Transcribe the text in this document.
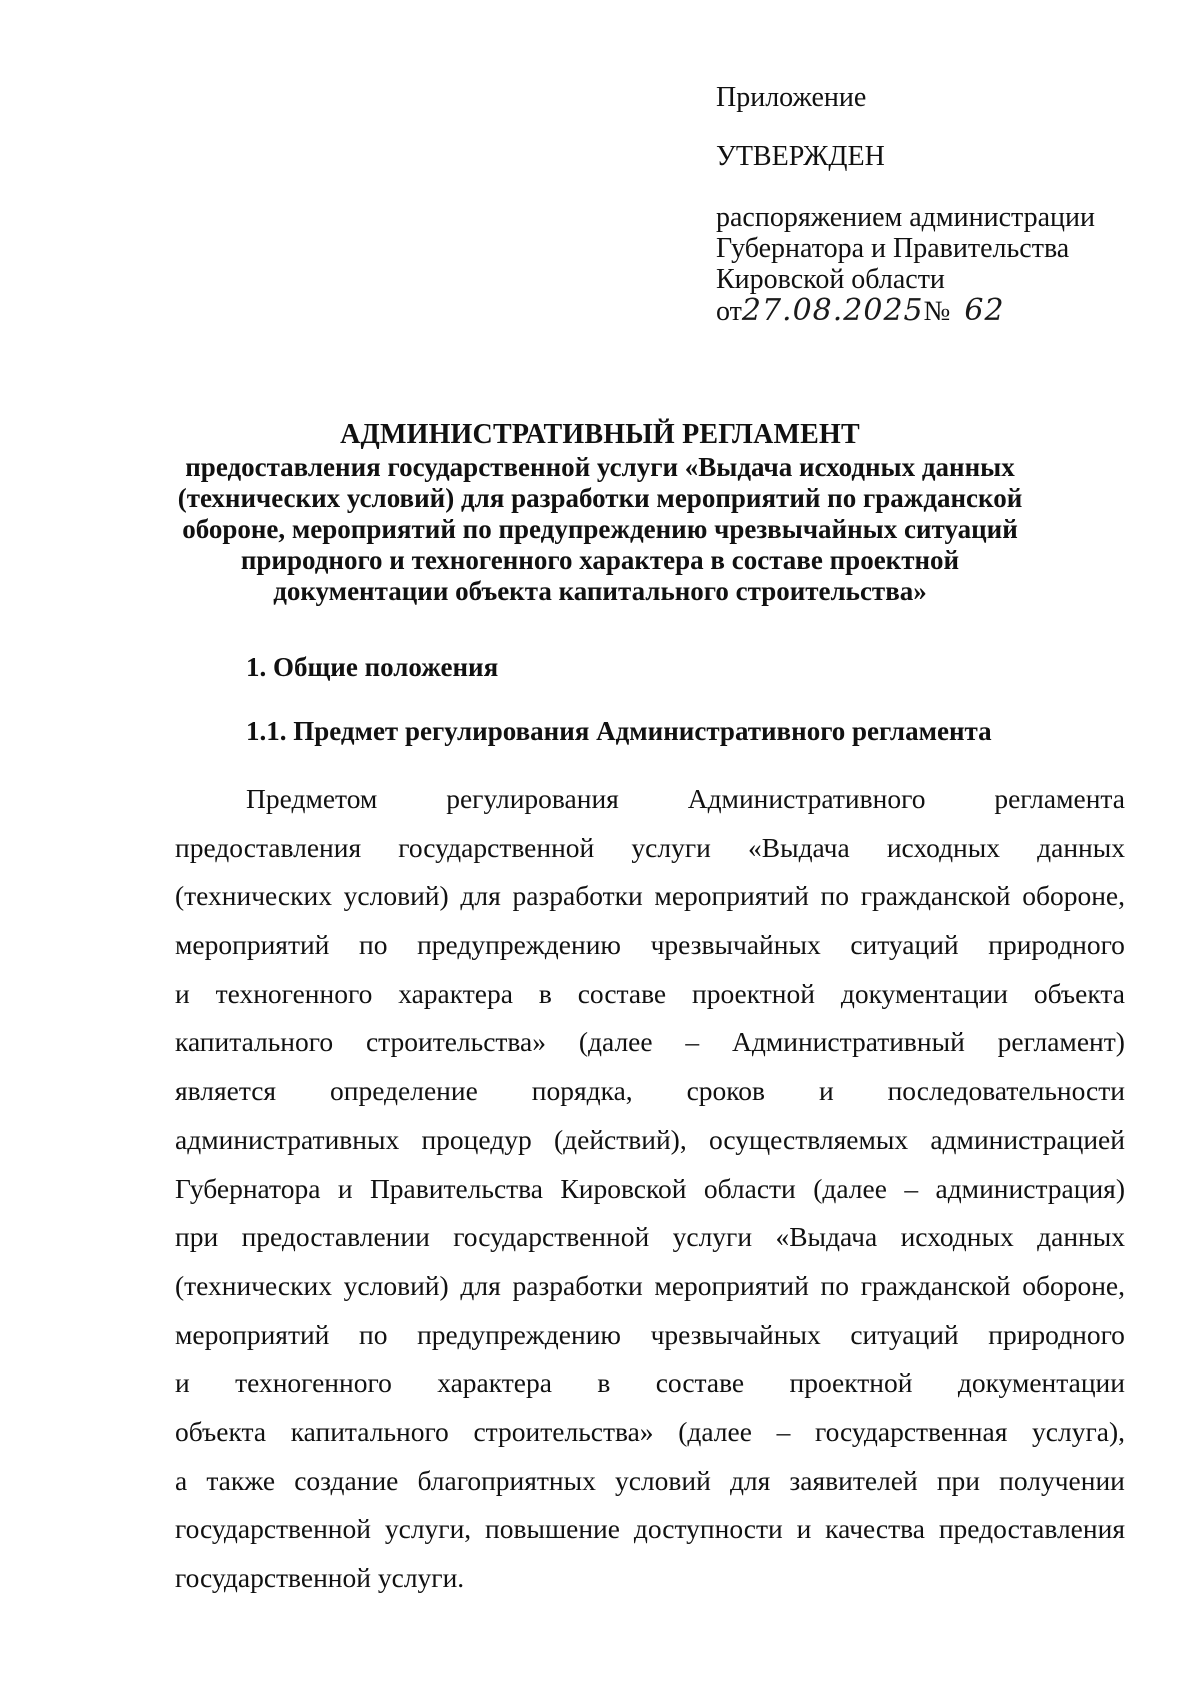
Приложение
УТВЕРЖДЕН
распоряжением администрации
Губернатора и Правительства
Кировской области
от27.08.2025№ 62
АДМИНИСТРАТИВНЫЙ РЕГЛАМЕНТ

предоставления государственной услуги «Выдача исходных данных

(технических условий) для разработки мероприятий по гражданской

обороне, мероприятий по предупреждению чрезвычайных ситуаций

природного и техногенного характера в составе проектной

документации объекта капитального строительства»

1. Общие положения
1.1. Предмет регулирования Административного регламента
Предметом	регулирования	Административного	регламента
предоставления государственной услуги «Выдача исходных данных
(технических условий) для разработки мероприятий по гражданской обороне,
мероприятий по предупреждению чрезвычайных ситуаций природного
и техногенного характера в составе проектной документации объекта
капитального строительства» (далее – Административный регламент)
является определение порядка, сроков и последовательности
административных процедур (действий), осуществляемых администрацией
Губернатора и Правительства Кировской области (далее – администрация)
при предоставлении государственной услуги «Выдача исходных данных
(технических условий) для разработки мероприятий по гражданской обороне,
мероприятий по предупреждению чрезвычайных ситуаций природного
и техногенного характера в составе проектной документации
объекта капитального строительства» (далее – государственная услуга),
а также создание благоприятных условий для заявителей при получении
государственной услуги, повышение доступности и качества предоставления
государственной услуги.
